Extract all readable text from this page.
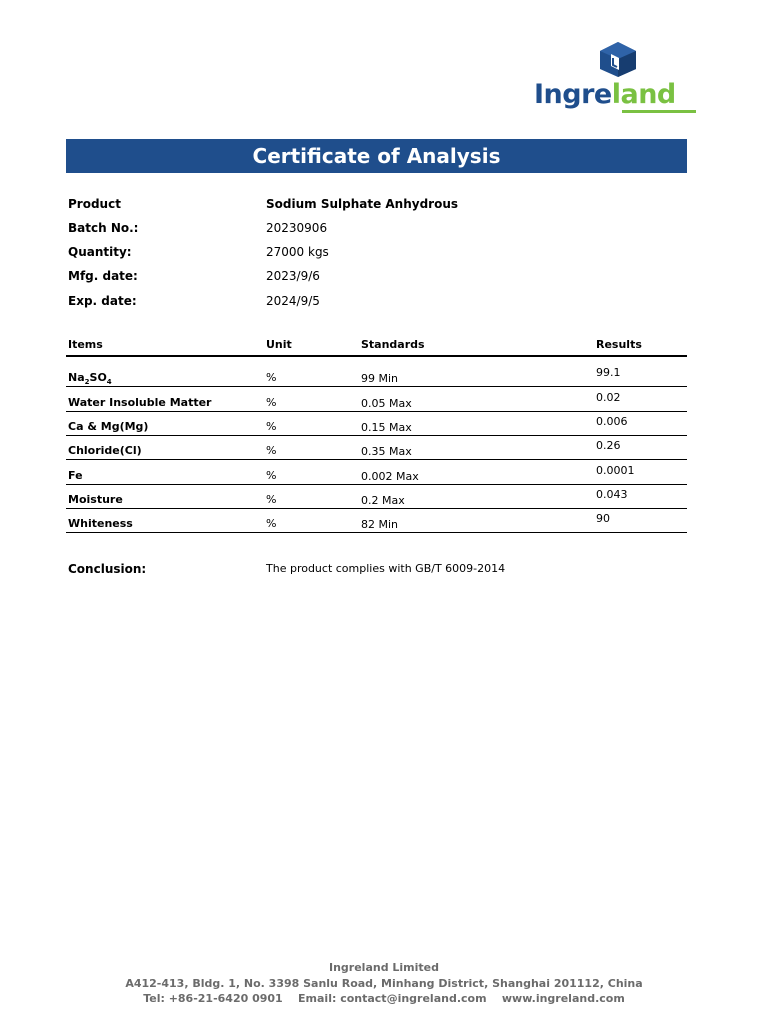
Ingreland
Certificate of Analysis
Product	Sodium Sulphate Anhydrous
Batch No.:	20230906
Quantity:	27000 kgs
Mfg. date:	2023/9/6
Exp. date:	2024/9/5
Items	Unit	Standards	Results
$Na_2SO_4$	%	99 Min	99.1
Water Insoluble Matter	%	0.05 Max	0.02
Ca & Mg(Mg)	%	0.15 Max	0.006
Chloride(Cl)	%	0.35 Max	0.26
Fe	%	0.002 Max	0.0001
Moisture	%	0.2 Max	0.043
Whiteness	%	82 Min	90
Conclusion:	The product complies with GB/T 6009-2014
Ingreland Limited
A412-413, Bldg. 1, No. 3398 Sanlu Road, Minhang District, Shanghai 201112, China
Tel: +86-21-6420 0901    Email: contact@ingreland.com    www.ingreland.com
